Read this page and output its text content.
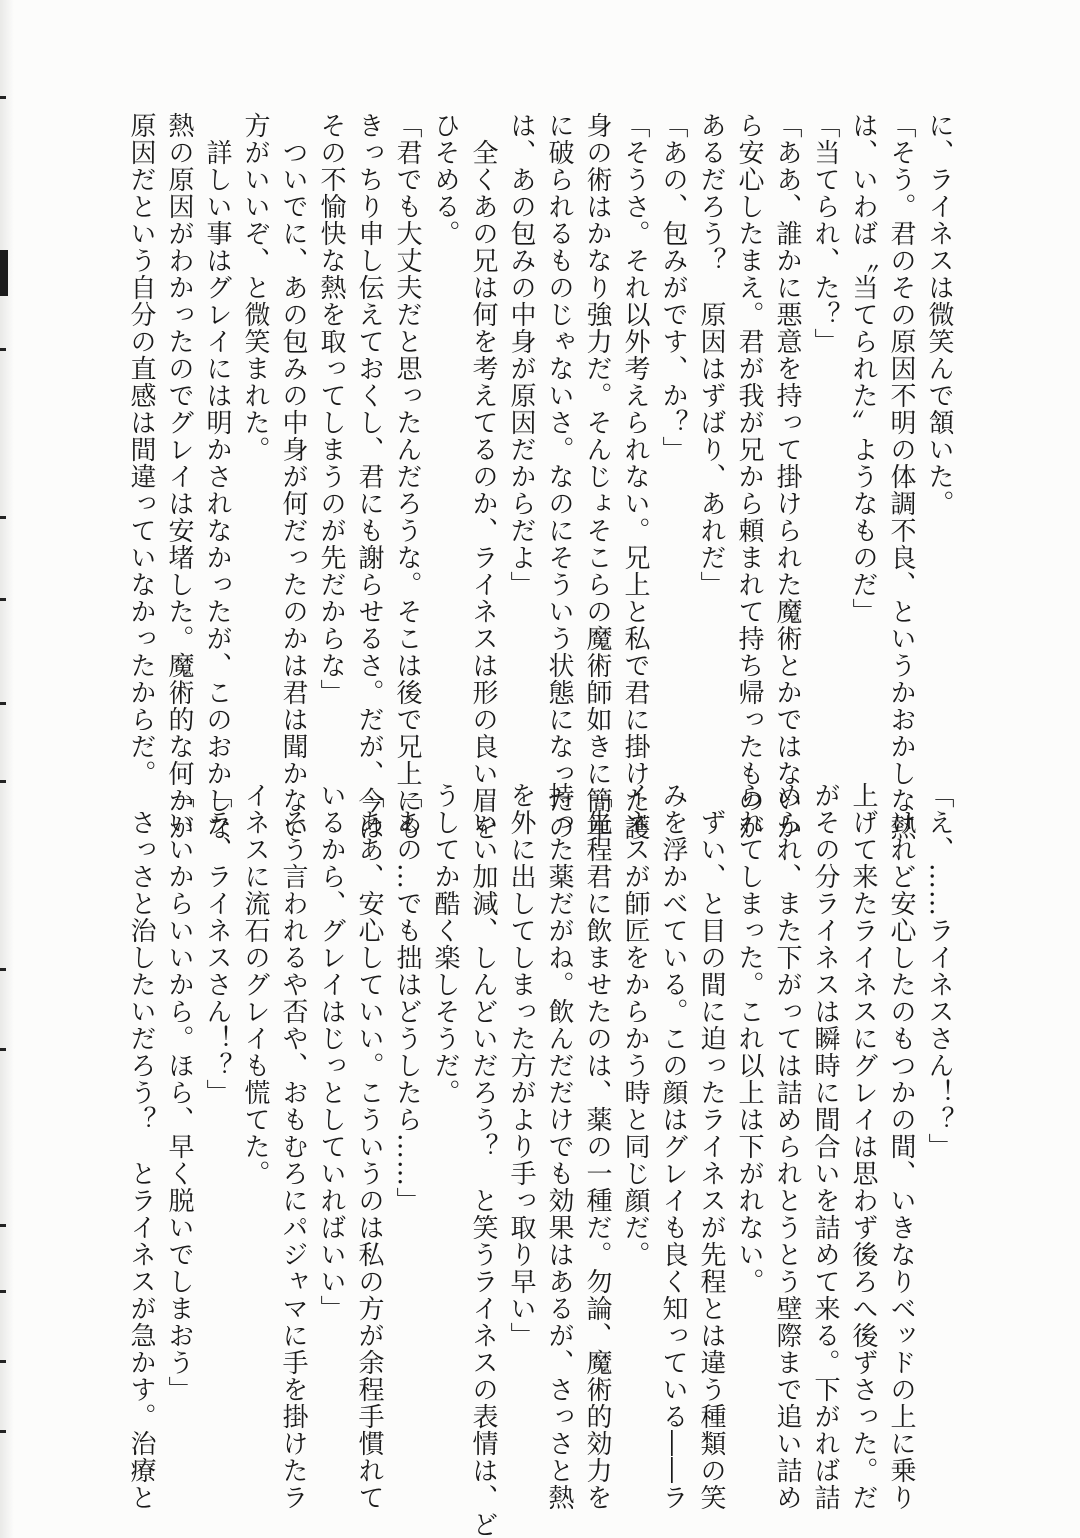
に、ライネスは微笑んで頷いた。
「そう。君のその原因不明の体調不良、というかおかしな熱
は、いわば〝当てられた〟ようなものだ」
「当てられ、た？」
「ああ、誰かに悪意を持って掛けられた魔術とかではないか
ら安心したまえ。君が我が兄から頼まれて持ち帰ったものが
あるだろう？　原因はずばり、あれだ」
「あの、包みがです、か？」
「そうさ。それ以外考えられない。兄上と私で君に掛けた護
身の術はかなり強力だ。そんじょそこらの魔術師如きに簡単
に破られるものじゃないさ。なのにそういう状態になったの
は、あの包みの中身が原因だからだよ」
　全くあの兄は何を考えてるのか、ライネスは形の良い眉を
ひそめる。
「君でも大丈夫だと思ったんだろうな。そこは後で兄上にも
きっちり申し伝えておくし、君にも謝らせるさ。だが、今は
その不愉快な熱を取ってしまうのが先だからな」
　ついでに、あの包みの中身が何だったのかは君は聞かない
方がいいぞ、と微笑まれた。
　詳しい事はグレイには明かされなかったが、このおかしな
熱の原因がわかったのでグレイは安堵した。魔術的な何かが
原因だという自分の直感は間違っていなかったからだ。
「え、……ライネスさん！？」
　けれど安心したのもつかの間、いきなりベッドの上に乗り
上げて来たライネスにグレイは思わず後ろへ後ずさった。だ
がその分ライネスは瞬時に間合いを詰めて来る。下がれば詰
められ、また下がっては詰められとうとう壁際まで追い詰め
られてしまった。これ以上は下がれない。
　ずい、と目の間に迫ったライネスが先程とは違う種類の笑
みを浮かべている。この顔はグレイも良く知っている――ラ
イネスが師匠をからかう時と同じ顔だ。
「先程君に飲ませたのは、薬の一種だ。勿論、魔術的効力を
持った薬だがね。飲んだだけでも効果はあるが、さっさと熱
を外に出してしまった方がより手っ取り早い」
　いい加減、しんどいだろう？　と笑うライネスの表情は、ど
うしてか酷く楽しそうだ。
「あの…でも拙はどうしたら……」
「ああ、安心していい。こういうのは私の方が余程手慣れて
いるから、グレイはじっとしていればいい」
　そう言われるや否や、おもむろにパジャマに手を掛けたラ
イネスに流石のグレイも慌てた。
「ラ、ライネスさん！？」
「いいからいいから。ほら、早く脱いでしまおう」
　さっさと治したいだろう？　とライネスが急かす。治療と
